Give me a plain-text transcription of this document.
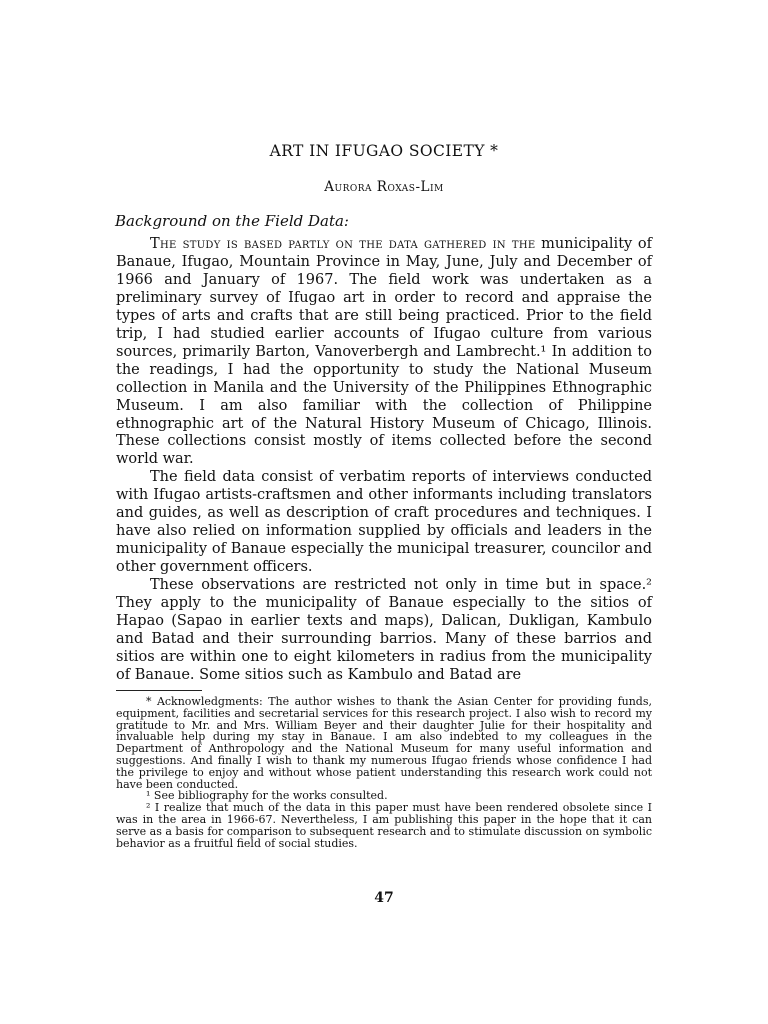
ART IN IFUGAO SOCIETY *
Aurora Roxas-Lim
Background on the Field Data:

The study is based partly on the data gathered in the municipality of Banaue, Ifugao, Mountain Province in May, June, July and December of 1966 and January of 1967. The field work was undertaken as a preliminary survey of Ifugao art in order to record and appraise the types of arts and crafts that are still being practiced. Prior to the field trip, I had studied earlier accounts of Ifugao culture from various sources, primarily Barton, Vanoverbergh and Lambrecht.¹ In addition to the readings, I had the opportunity to study the National Museum collection in Manila and the University of the Philippines Ethnographic Museum. I am also familiar with the collection of Philippine ethnographic art of the Natural History Museum of Chicago, Illinois. These collections consist mostly of items collected before the second world war.

The field data consist of verbatim reports of interviews conducted with Ifugao artists-craftsmen and other informants including translators and guides, as well as description of craft procedures and techniques. I have also relied on information supplied by officials and leaders in the municipality of Banaue especially the municipal treasurer, councilor and other government officers.

These observations are restricted not only in time but in space.² They apply to the municipality of Banaue especially to the sitios of Hapao (Sapao in earlier texts and maps), Dalican, Dukligan, Kambulo and Batad and their surrounding barrios. Many of these barrios and sitios are within one to eight kilometers in radius from the municipality of Banaue. Some sitios such as Kambulo and Batad are

* Acknowledgments: The author wishes to thank the Asian Center for providing funds, equipment, facilities and secretarial services for this research project. I also wish to record my gratitude to Mr. and Mrs. William Beyer and their daughter Julie for their hospitality and invaluable help during my stay in Banaue. I am also indebted to my colleagues in the Department of Anthropology and the National Museum for many useful information and suggestions. And finally I wish to thank my numerous Ifugao friends whose confidence I had the privilege to enjoy and without whose patient understanding this research work could not have been conducted.

¹ See bibliography for the works consulted.

² I realize that much of the data in this paper must have been rendered obsolete since I was in the area in 1966-67. Nevertheless, I am publishing this paper in the hope that it can serve as a basis for comparison to subsequent research and to stimulate discussion on symbolic behavior as a fruitful field of social studies.

47
